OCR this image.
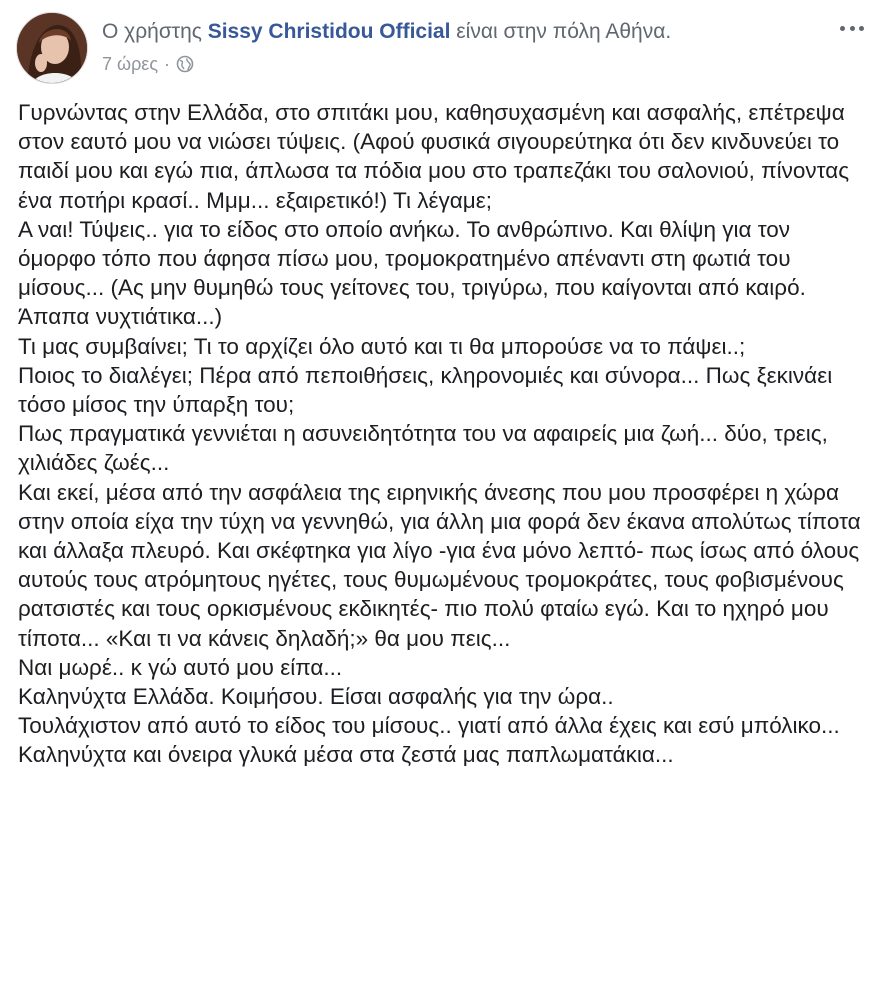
Ο χρήστης Sissy Christidou Official είναι στην πόλη Αθήνα.
7 ώρες ·

Γυρνώντας στην Ελλάδα, στο σπιτάκι μου, καθησυχασμένη και ασφαλής, επέτρεψα στον εαυτό μου να νιώσει τύψεις. (Αφού φυσικά σιγουρεύτηκα ότι δεν κινδυνεύει το παιδί μου και εγώ πια, άπλωσα τα πόδια μου στο τραπεζάκι του σαλονιού, πίνοντας ένα ποτήρι κρασί.. Μμμ... εξαιρετικό!) Τι λέγαμε;

Α ναι! Τύψεις.. για το είδος στο οποίο ανήκω. Το ανθρώπινο. Και θλίψη για τον όμορφο τόπο που άφησα πίσω μου, τρομοκρατημένο απέναντι στη φωτιά του μίσους... (Ας μην θυμηθώ τους γείτονες του, τριγύρω, που καίγονται από καιρό. Άπαπα νυχτιάτικα...)

Τι μας συμβαίνει; Τι το αρχίζει όλο αυτό και τι θα μπορούσε να το πάψει..;

Ποιος το διαλέγει; Πέρα από πεποιθήσεις, κληρονομιές και σύνορα... Πως ξεκινάει τόσο μίσος την ύπαρξη του;

Πως πραγματικά γεννιέται η ασυνειδητότητα του να αφαιρείς μια ζωή... δύο, τρεις, χιλιάδες ζωές...

Και εκεί, μέσα από την ασφάλεια της ειρηνικής άνεσης που μου προσφέρει η χώρα στην οποία είχα την τύχη να γεννηθώ, για άλλη μια φορά δεν έκανα απολύτως τίποτα και άλλαξα πλευρό. Και σκέφτηκα για λίγο -για ένα μόνο λεπτό- πως ίσως από όλους αυτούς τους ατρόμητους ηγέτες, τους θυμωμένους τρομοκράτες, τους φοβισμένους ρατσιστές και τους ορκισμένους εκδικητές- πιο πολύ φταίω εγώ. Και το ηχηρό μου τίποτα... «Και τι να κάνεις δηλαδή;» θα μου πεις...

Ναι μωρέ.. κ γώ αυτό μου είπα...

Καληνύχτα Ελλάδα. Κοιμήσου. Είσαι ασφαλής για την ώρα..

Τουλάχιστον από αυτό το είδος του μίσους.. γιατί από άλλα έχεις και εσύ μπόλικο...

Καληνύχτα και όνειρα γλυκά μέσα στα ζεστά μας παπλωματάκια...
